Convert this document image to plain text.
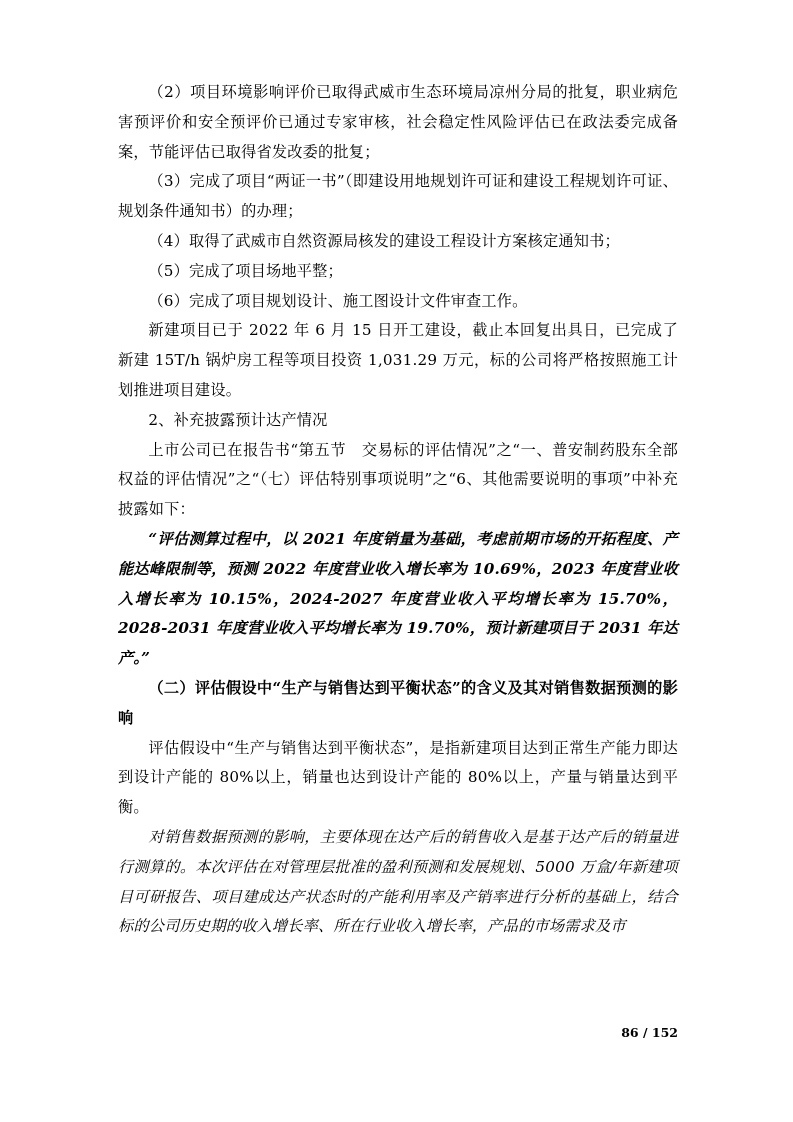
（2）项目环境影响评价已取得武威市生态环境局凉州分局的批复，职业病危害预评价和安全预评价已通过专家审核，社会稳定性风险评估已在政法委完成备案，节能评估已取得省发改委的批复；

（3）完成了项目“两证一书”（即建设用地规划许可证和建设工程规划许可证、规划条件通知书）的办理；

（4）取得了武威市自然资源局核发的建设工程设计方案核定通知书；

（5）完成了项目场地平整；

（6）完成了项目规划设计、施工图设计文件审查工作。

新建项目已于 2022 年 6 月 15 日开工建设，截止本回复出具日，已完成了新建 15T/h 锅炉房工程等项目投资 1,031.29 万元，标的公司将严格按照施工计划推进项目建设。

2、补充披露预计达产情况

上市公司已在报告书“第五节　交易标的评估情况”之“一、普安制药股东全部权益的评估情况”之“（七）评估特别事项说明”之“6、其他需要说明的事项”中补充披露如下：

“评估测算过程中，以 2021 年度销量为基础，考虑前期市场的开拓程度、产能达峰限制等，预测 2022 年度营业收入增长率为 10.69%，2023 年度营业收入增长率为 10.15%，2024-2027 年度营业收入平均增长率为 15.70%，2028-2031 年度营业收入平均增长率为 19.70%，预计新建项目于 2031 年达产。”

（二）评估假设中“生产与销售达到平衡状态”的含义及其对销售数据预测的影响

评估假设中“生产与销售达到平衡状态”，是指新建项目达到正常生产能力即达到设计产能的 80%以上，销量也达到设计产能的 80%以上，产量与销量达到平衡。

对销售数据预测的影响，主要体现在达产后的销售收入是基于达产后的销量进行测算的。本次评估在对管理层批准的盈利预测和发展规划、5000 万盒/年新建项目可研报告、项目建成达产状态时的产能利用率及产销率进行分析的基础上，结合标的公司历史期的收入增长率、所在行业收入增长率，产品的市场需求及市

86 / 152
